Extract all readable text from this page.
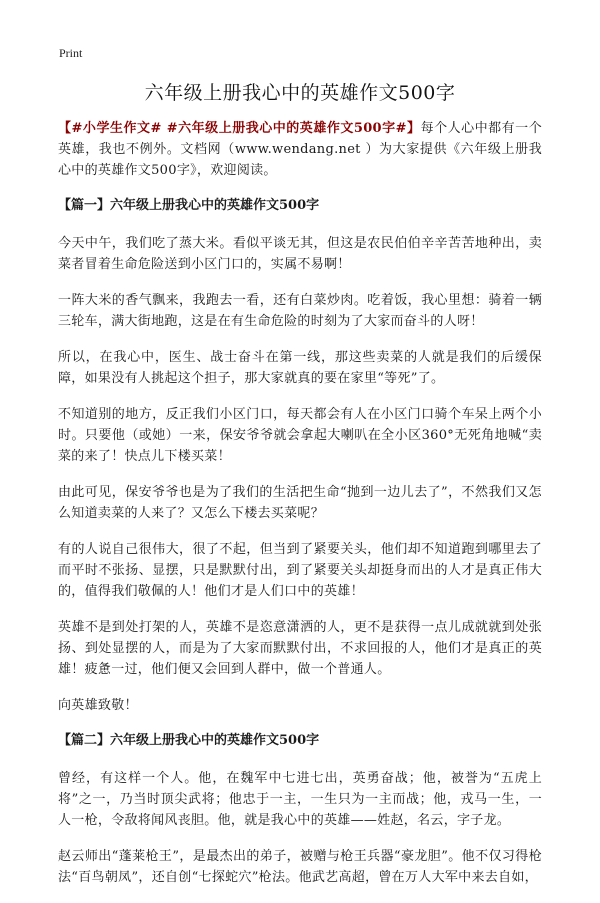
Print
六年级上册我心中的英雄作文500字

【#小学生作文# #六年级上册我心中的英雄作文500字#】每个人心中都有一个英雄，我也不例外。文档网（www.wendang.net ）为大家提供《六年级上册我心中的英雄作文500字》，欢迎阅读。

【篇一】六年级上册我心中的英雄作文500字

今天中午，我们吃了蒸大米。看似平谈无其，但这是农民伯伯辛辛苦苦地种出，卖菜者冒着生命危险送到小区门口的，实属不易啊！

一阵大米的香气飘来，我跑去一看，还有白菜炒肉。吃着饭，我心里想：骑着一辆三轮车，满大街地跑，这是在有生命危险的时刻为了大家而奋斗的人呀！

所以，在我心中，医生、战士奋斗在第一线，那这些卖菜的人就是我们的后缓保障，如果没有人挑起这个担子，那大家就真的要在家里“等死”了。

不知道别的地方，反正我们小区门口，每天都会有人在小区门口骑个车呆上两个小时。只要他（或她）一来，保安爷爷就会拿起大喇叭在全小区360°无死角地喊“卖菜的来了！快点儿下楼买菜！

由此可见，保安爷爷也是为了我们的生活把生命“抛到一边儿去了”，不然我们又怎么知道卖菜的人来了？又怎么下楼去买菜呢？

有的人说自己很伟大，很了不起，但当到了紧要关头，他们却不知道跑到哪里去了而平时不张扬、显摆，只是默默付出，到了紧要关头却挺身而出的人才是真正伟大的，值得我们敬佩的人！他们才是人们口中的英雄！

英雄不是到处打架的人，英雄不是恣意潇洒的人，更不是获得一点儿成就就到处张扬、到处显摆的人，而是为了大家而默默付出，不求回报的人，他们才是真正的英雄！疲惫一过，他们便又会回到人群中，做一个普通人。

向英雄致敬！

【篇二】六年级上册我心中的英雄作文500字

曾经，有这样一个人。他，在魏军中七进七出，英勇奋战；他，被誉为“五虎上将”之一，乃当时顶尖武将；他忠于一主，一生只为一主而战；他，戎马一生，一人一枪，令敌将闻风丧胆。他，就是我心中的英雄——姓赵，名云，字子龙。

赵云师出“蓬莱枪王”，是最杰出的弟子，被赠与枪王兵器“豪龙胆”。他不仅习得枪法“百鸟朝凤”，还自创“七探蛇穴”枪法。他武艺高超，曾在万人大军中来去自如，
